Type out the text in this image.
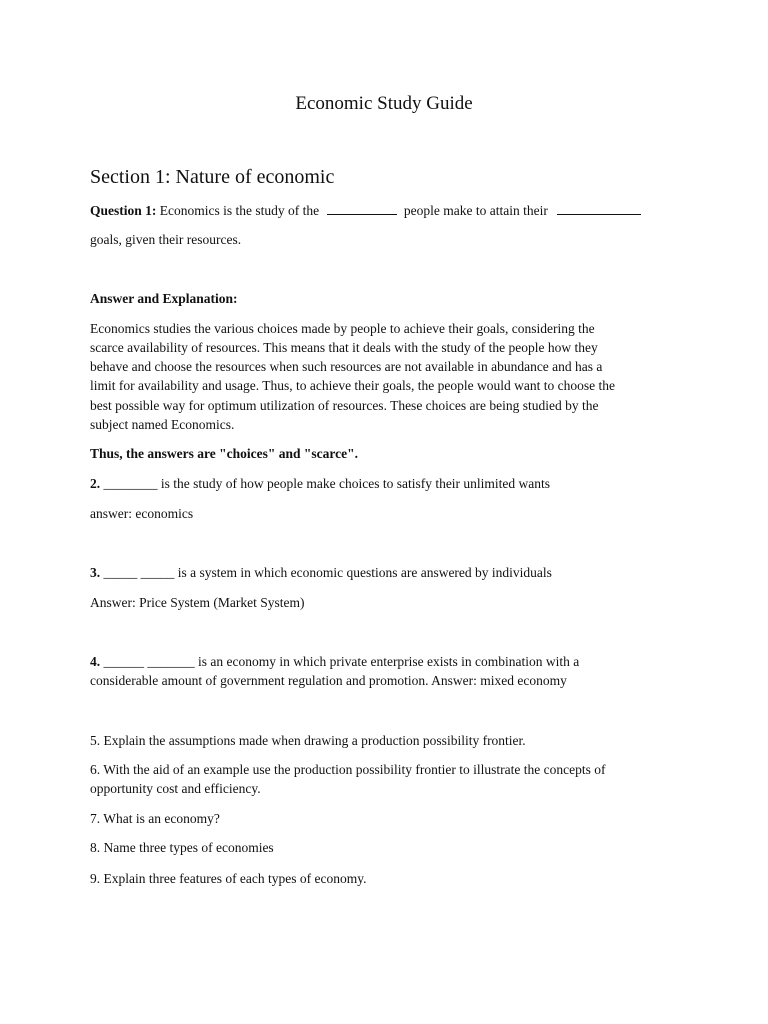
Economic Study Guide
Section 1: Nature of economic
Question 1: Economics is the study of the	people make to attain their
goals, given their resources.
Answer and Explanation:
Economics studies the various choices made by people to achieve their goals, considering the
scarce availability of resources. This means that it deals with the study of the people how they
behave and choose the resources when such resources are not available in abundance and has a
limit for availability and usage. Thus, to achieve their goals, the people would want to choose the
best possible way for optimum utilization of resources. These choices are being studied by the
subject named Economics.
Thus, the answers are "choices" and "scarce".
2. ________ is the study of how people make choices to satisfy their unlimited wants
answer: economics
3. _____ _____ is a system in which economic questions are answered by individuals
Answer: Price System (Market System)
4. ______ _______ is an economy in which private enterprise exists in combination with a
considerable amount of government regulation and promotion. Answer: mixed economy
5. Explain the assumptions made when drawing a production possibility frontier.
6. With the aid of an example use the production possibility frontier to illustrate the concepts of
opportunity cost and efficiency.
7. What is an economy?
8. Name three types of economies
9. Explain three features of each types of economy.
